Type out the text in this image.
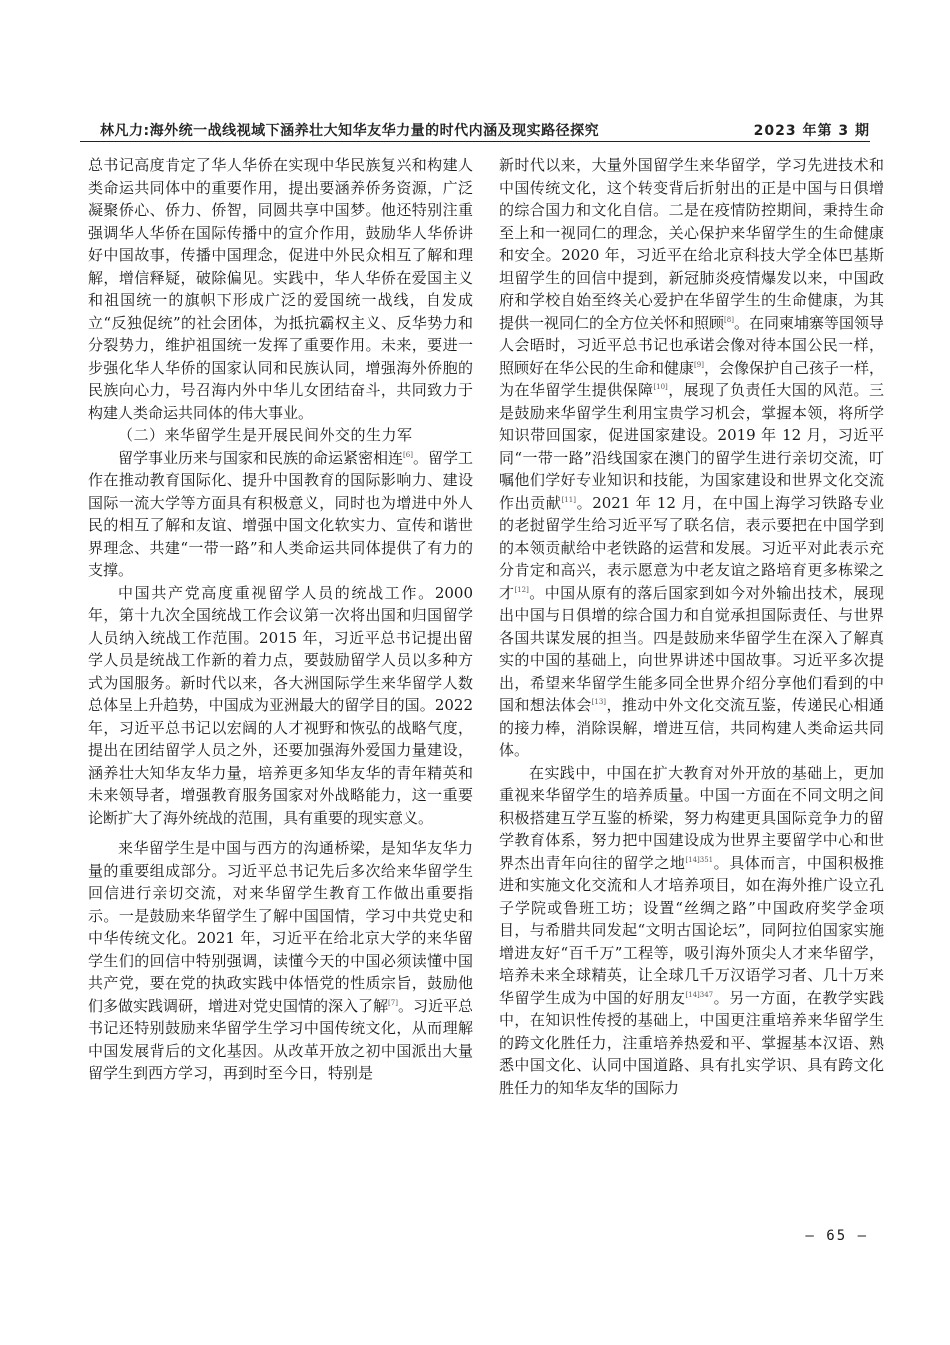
林凡力:海外统一战线视域下涵养壮大知华友华力量的时代内涵及现实路径探究	2023 年第 3 期

总书记高度肯定了华人华侨在实现中华民族复兴和构建人类命运共同体中的重要作用，提出要涵养侨务资源，广泛凝聚侨心、侨力、侨智，同圆共享中国梦。他还特别注重强调华人华侨在国际传播中的宣介作用，鼓励华人华侨讲好中国故事，传播中国理念，促进中外民众相互了解和理解，增信释疑，破除偏见。实践中，华人华侨在爱国主义和祖国统一的旗帜下形成广泛的爱国统一战线，自发成立“反独促统”的社会团体，为抵抗霸权主义、反华势力和分裂势力，维护祖国统一发挥了重要作用。未来，要进一步强化华人华侨的国家认同和民族认同，增强海外侨胞的民族向心力，号召海内外中华儿女团结奋斗，共同致力于构建人类命运共同体的伟大事业。

（二）来华留学生是开展民间外交的生力军

留学事业历来与国家和民族的命运紧密相连[6]。留学工作在推动教育国际化、提升中国教育的国际影响力、建设国际一流大学等方面具有积极意义，同时也为增进中外人民的相互了解和友谊、增强中国文化软实力、宣传和谐世界理念、共建“一带一路”和人类命运共同体提供了有力的支撑。

中国共产党高度重视留学人员的统战工作。2000 年，第十九次全国统战工作会议第一次将出国和归国留学人员纳入统战工作范围。2015 年，习近平总书记提出留学人员是统战工作新的着力点，要鼓励留学人员以多种方式为国服务。新时代以来，各大洲国际学生来华留学人数总体呈上升趋势，中国成为亚洲最大的留学目的国。2022 年，习近平总书记以宏阔的人才视野和恢弘的战略气度，提出在团结留学人员之外，还要加强海外爱国力量建设，涵养壮大知华友华力量，培养更多知华友华的青年精英和未来领导者，增强教育服务国家对外战略能力，这一重要论断扩大了海外统战的范围，具有重要的现实意义。

来华留学生是中国与西方的沟通桥梁，是知华友华力量的重要组成部分。习近平总书记先后多次给来华留学生回信进行亲切交流，对来华留学生教育工作做出重要指示。一是鼓励来华留学生了解中国国情，学习中共党史和中华传统文化。2021 年，习近平在给北京大学的来华留学生们的回信中特别强调，读懂今天的中国必须读懂中国共产党，要在党的执政实践中体悟党的性质宗旨，鼓励他们多做实践调研，增进对党史国情的深入了解[7]。习近平总书记还特别鼓励来华留学生学习中国传统文化，从而理解中国发展背后的文化基因。从改革开放之初中国派出大量留学生到西方学习，再到时至今日，特别是

新时代以来，大量外国留学生来华留学，学习先进技术和中国传统文化，这个转变背后折射出的正是中国与日俱增的综合国力和文化自信。二是在疫情防控期间，秉持生命至上和一视同仁的理念，关心保护来华留学生的生命健康和安全。2020 年，习近平在给北京科技大学全体巴基斯坦留学生的回信中提到，新冠肺炎疫情爆发以来，中国政府和学校自始至终关心爱护在华留学生的生命健康，为其提供一视同仁的全方位关怀和照顾[8]。在同柬埔寨等国领导人会晤时，习近平总书记也承诺会像对待本国公民一样，照顾好在华公民的生命和健康[9]，会像保护自己孩子一样，为在华留学生提供保障[10]，展现了负责任大国的风范。三是鼓励来华留学生利用宝贵学习机会，掌握本领，将所学知识带回国家，促进国家建设。2019 年 12 月，习近平同“一带一路”沿线国家在澳门的留学生进行亲切交流，叮嘱他们学好专业知识和技能，为国家建设和世界文化交流作出贡献[11]。2021 年 12 月，在中国上海学习铁路专业的老挝留学生给习近平写了联名信，表示要把在中国学到的本领贡献给中老铁路的运营和发展。习近平对此表示充分肯定和高兴，表示愿意为中老友谊之路培育更多栋梁之才[12]。中国从原有的落后国家到如今对外输出技术，展现出中国与日俱增的综合国力和自觉承担国际责任、与世界各国共谋发展的担当。四是鼓励来华留学生在深入了解真实的中国的基础上，向世界讲述中国故事。习近平多次提出，希望来华留学生能多同全世界介绍分享他们看到的中国和想法体会[13]，推动中外文化交流互鉴，传递民心相通的接力棒，消除误解，增进互信，共同构建人类命运共同体。

在实践中，中国在扩大教育对外开放的基础上，更加重视来华留学生的培养质量。中国一方面在不同文明之间积极搭建互学互鉴的桥梁，努力构建更具国际竞争力的留学教育体系，努力把中国建设成为世界主要留学中心和世界杰出青年向往的留学之地$^{[14]351}$。具体而言，中国积极推进和实施文化交流和人才培养项目，如在海外推广设立孔子学院或鲁班工坊；设置“丝绸之路”中国政府奖学金项目，与希腊共同发起“文明古国论坛”，同阿拉伯国家实施增进友好“百千万”工程等，吸引海外顶尖人才来华留学，培养未来全球精英，让全球几千万汉语学习者、几十万来华留学生成为中国的好朋友$^{[14]347}$。另一方面，在教学实践中，在知识性传授的基础上，中国更注重培养来华留学生的跨文化胜任力，注重培养热爱和平、掌握基本汉语、熟悉中国文化、认同中国道路、具有扎实学识、具有跨文化胜任力的知华友华的国际力

– 65 –
